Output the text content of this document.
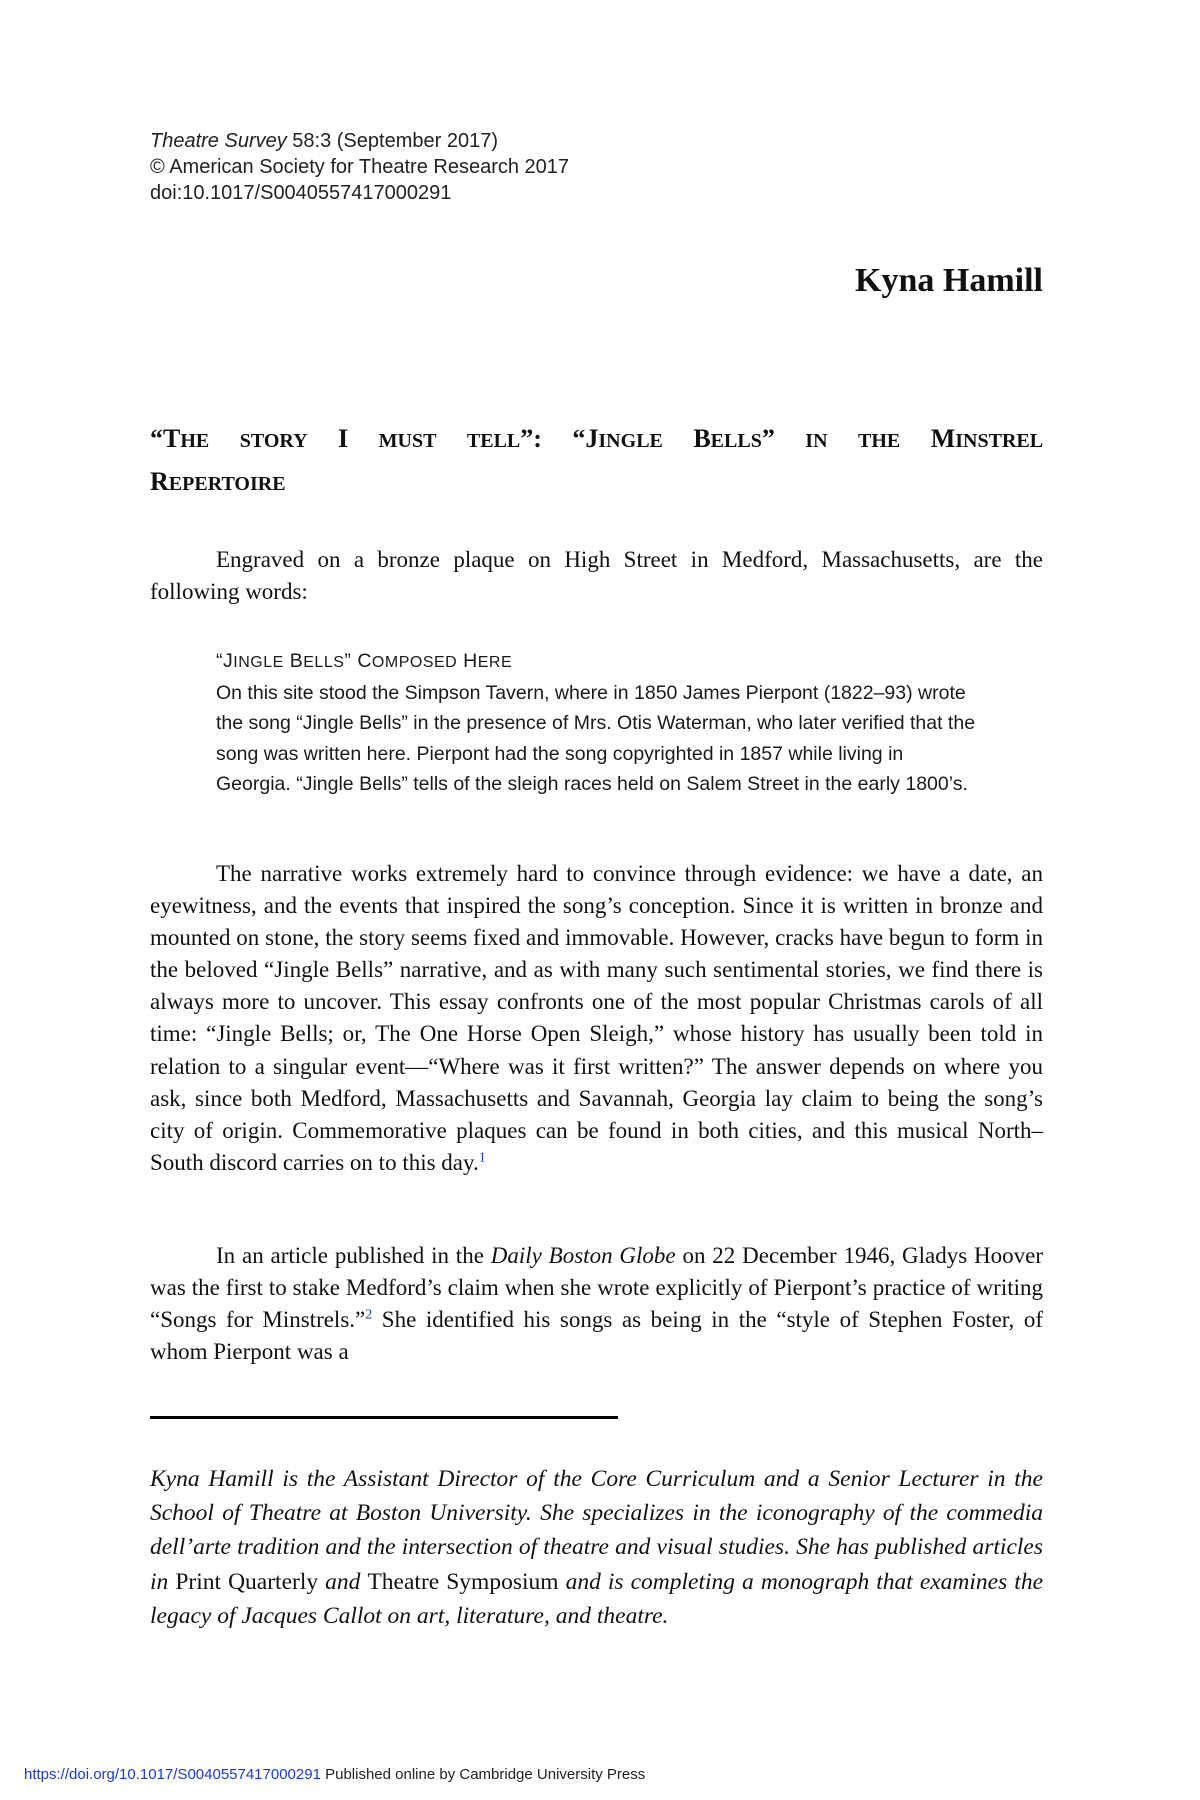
Theatre Survey 58:3 (September 2017)
© American Society for Theatre Research 2017
doi:10.1017/S0040557417000291
Kyna Hamill
“THE STORY I MUST TELL”: “JINGLE BELLS” IN THE MINSTREL
REPERTOIRE

Engraved on a bronze plaque on High Street in Medford, Massachusetts, are the following words:

“JINGLE BELLS” COMPOSED HERE
On this site stood the Simpson Tavern, where in 1850 James Pierpont (1822–93) wrote the song “Jingle Bells” in the presence of Mrs. Otis Waterman, who later verified that the song was written here. Pierpont had the song copyrighted in 1857 while living in Georgia. “Jingle Bells” tells of the sleigh races held on Salem Street in the early 1800’s.

The narrative works extremely hard to convince through evidence: we have a date, an eyewitness, and the events that inspired the song’s conception. Since it is written in bronze and mounted on stone, the story seems fixed and immovable. However, cracks have begun to form in the beloved “Jingle Bells” narrative, and as with many such sentimental stories, we find there is always more to uncover. This essay confronts one of the most popular Christmas carols of all time: “Jingle Bells; or, The One Horse Open Sleigh,” whose history has usually been told in relation to a singular event—“Where was it first written?” The answer depends on where you ask, since both Medford, Massachusetts and Savannah, Georgia lay claim to being the song’s city of origin. Commemorative plaques can be found in both cities, and this musical North–South discord carries on to this day.$^1$

In an article published in the Daily Boston Globe on 22 December 1946, Gladys Hoover was the first to stake Medford’s claim when she wrote explicitly of Pierpont’s practice of writing “Songs for Minstrels.”$^2$ She identified his songs as being in the “style of Stephen Foster, of whom Pierpont was a

Kyna Hamill is the Assistant Director of the Core Curriculum and a Senior Lecturer in the School of Theatre at Boston University. She specializes in the iconography of the commedia dell’arte tradition and the intersection of theatre and visual studies. She has published articles in Print Quarterly and Theatre Symposium and is completing a monograph that examines the legacy of Jacques Callot on art, literature, and theatre.
https://doi.org/10.1017/S0040557417000291 Published online by Cambridge University Press
